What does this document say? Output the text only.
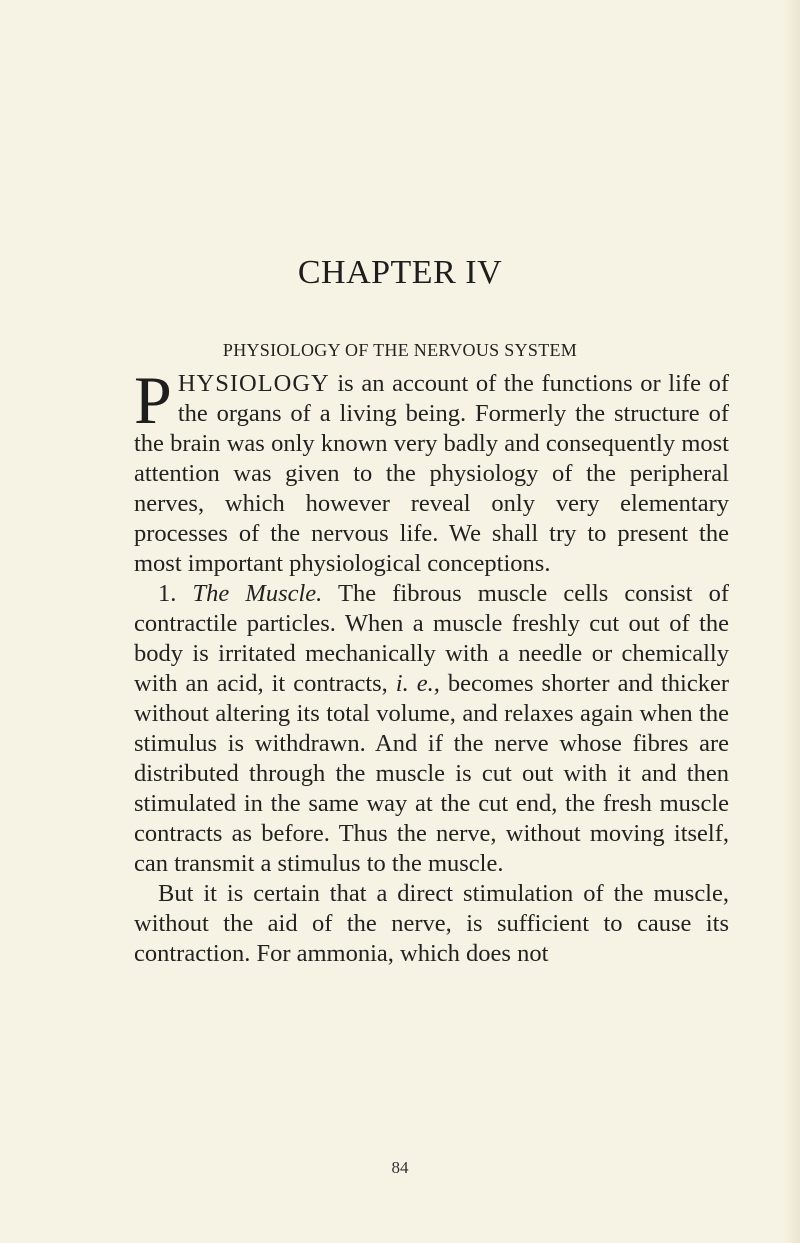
CHAPTER IV
PHYSIOLOGY OF THE NERVOUS SYSTEM

PHYSIOLOGY is an account of the functions or life of the organs of a living being. Formerly the structure of the brain was only known very badly and consequently most attention was given to the physiology of the peripheral nerves, which however reveal only very elementary processes of the nervous life. We shall try to present the most important physiological conceptions.

1. The Muscle. The fibrous muscle cells consist of contractile particles. When a muscle freshly cut out of the body is irritated mechanically with a needle or chemically with an acid, it contracts, i. e., becomes shorter and thicker without altering its total volume, and relaxes again when the stimulus is withdrawn. And if the nerve whose fibres are distributed through the muscle is cut out with it and then stimulated in the same way at the cut end, the fresh muscle contracts as before. Thus the nerve, without moving itself, can transmit a stimulus to the muscle.

But it is certain that a direct stimulation of the muscle, without the aid of the nerve, is sufficient to cause its contraction. For ammonia, which does not

84
